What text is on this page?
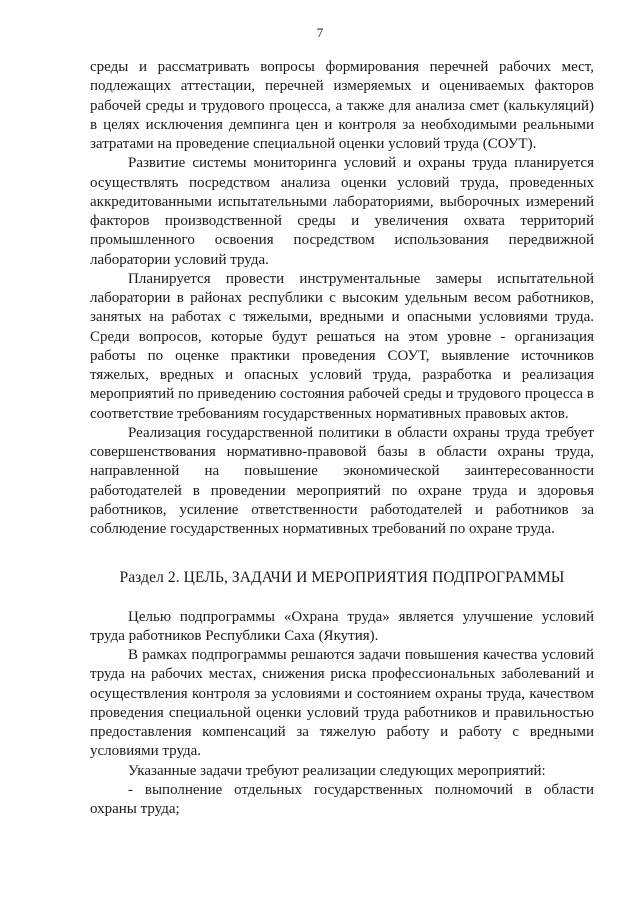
7

среды и рассматривать вопросы формирования перечней рабочих мест, подлежащих аттестации, перечней измеряемых и оцениваемых факторов рабочей среды и трудового процесса, а также для анализа смет (калькуляций) в целях исключения демпинга цен и контроля за необходимыми реальными затратами на проведение специальной оценки условий труда (СОУТ).

Развитие системы мониторинга условий и охраны труда планируется осуществлять посредством анализа оценки условий труда, проведенных аккредитованными испытательными лабораториями, выборочных измерений факторов производственной среды и увеличения охвата территорий промышленного освоения посредством использования передвижной лаборатории условий труда.

Планируется провести инструментальные замеры испытательной лаборатории в районах республики с высоким удельным весом работников, занятых на работах с тяжелыми, вредными и опасными условиями труда. Среди вопросов, которые будут решаться на этом уровне - организация работы по оценке практики проведения СОУТ, выявление источников тяжелых, вредных и опасных условий труда, разработка и реализация мероприятий по приведению состояния рабочей среды и трудового процесса в соответствие требованиям государственных нормативных правовых актов.

Реализация государственной политики в области охраны труда требует совершенствования нормативно-правовой базы в области охраны труда, направленной на повышение экономической заинтересованности работодателей в проведении мероприятий по охране труда и здоровья работников, усиление ответственности работодателей и работников за соблюдение государственных нормативных требований по охране труда.

Раздел 2. ЦЕЛЬ, ЗАДАЧИ И МЕРОПРИЯТИЯ ПОДПРОГРАММЫ

Целью подпрограммы «Охрана труда» является улучшение условий труда работников Республики Саха (Якутия).

В рамках подпрограммы решаются задачи повышения качества условий труда на рабочих местах, снижения риска профессиональных заболеваний и осуществления контроля за условиями и состоянием охраны труда, качеством проведения специальной оценки условий труда работников и правильностью предоставления компенсаций за тяжелую работу и работу с вредными условиями труда.

Указанные задачи требуют реализации следующих мероприятий:

- выполнение отдельных государственных полномочий в области охраны труда;
